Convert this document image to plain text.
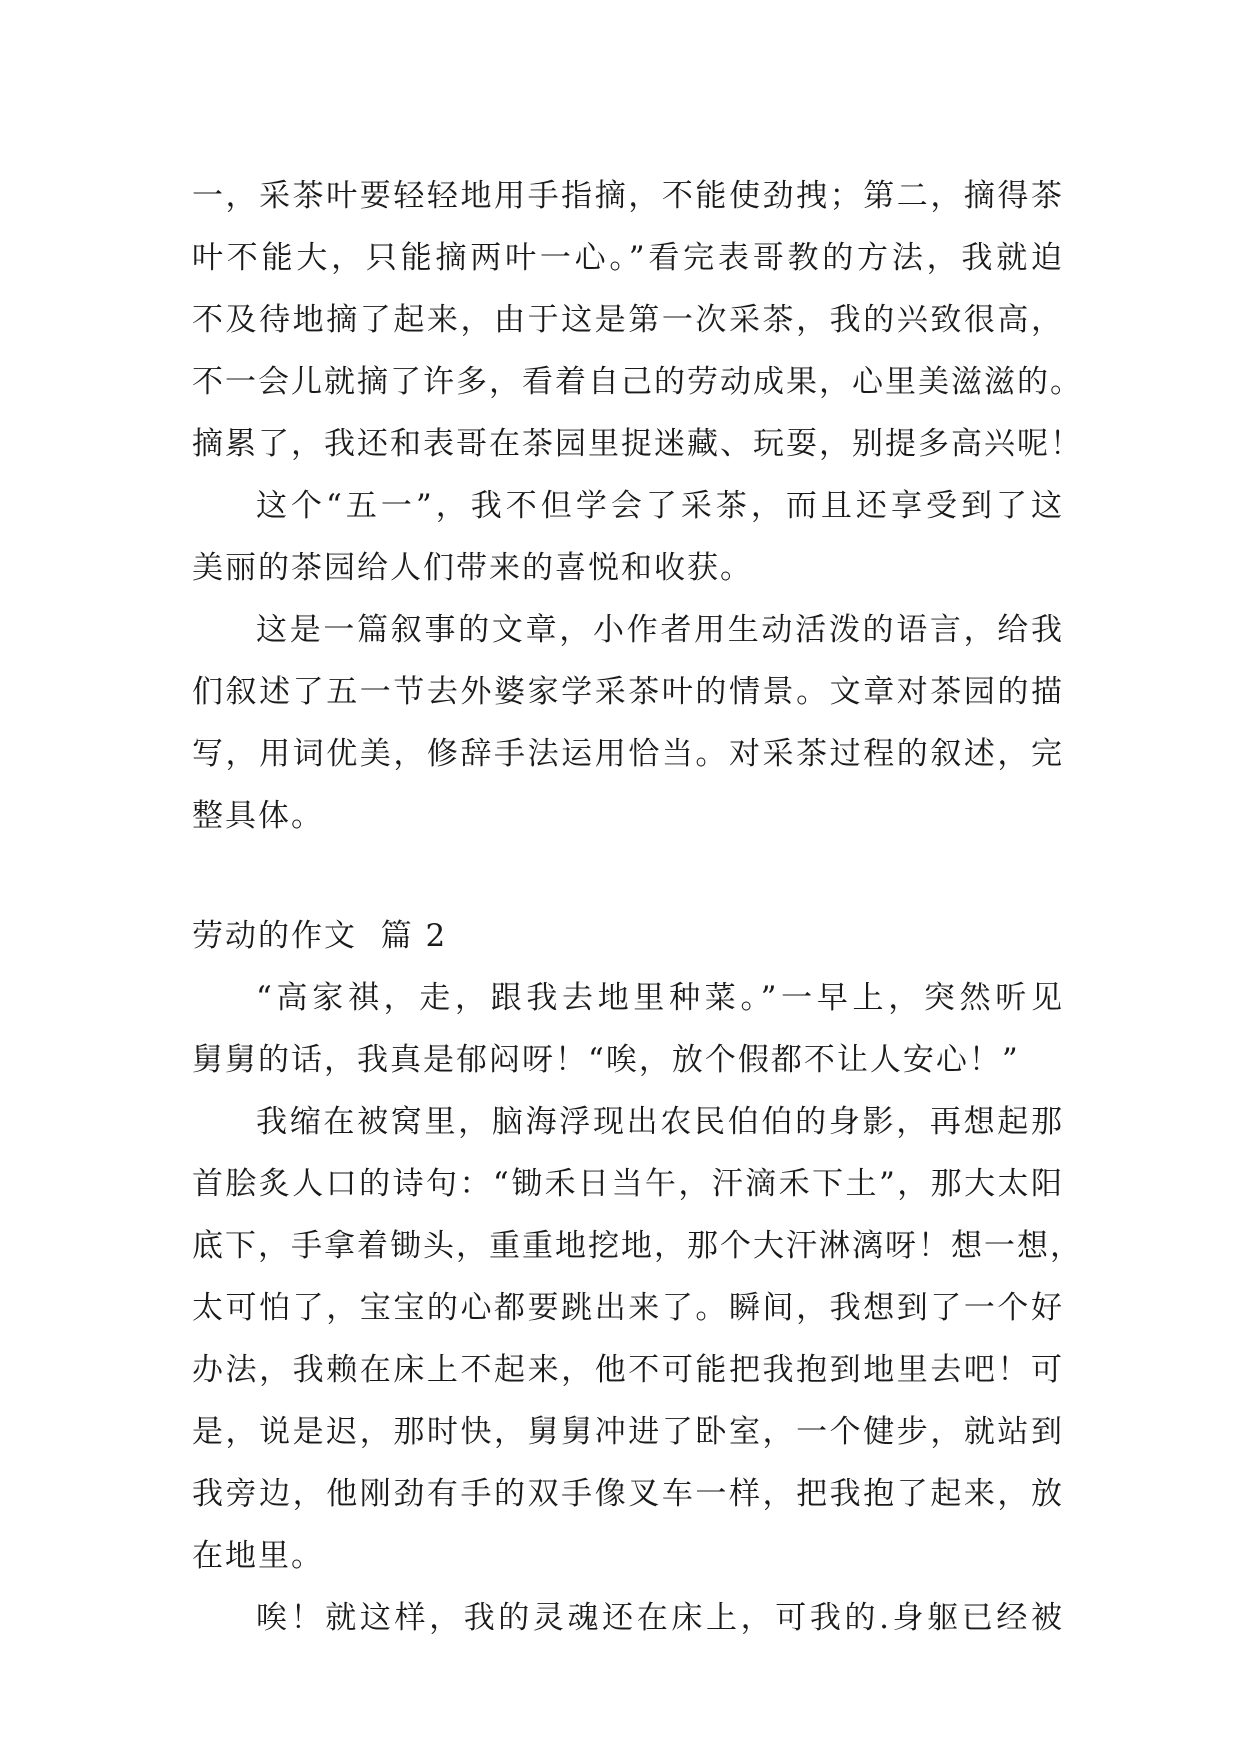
一，采茶叶要轻轻地用手指摘，不能使劲拽；第二，摘得茶
叶不能大，只能摘两叶一心。”看完表哥教的方法，我就迫
不及待地摘了起来，由于这是第一次采茶，我的兴致很高，
不一会儿就摘了许多，看着自己的劳动成果，心里美滋滋的。
摘累了，我还和表哥在茶园里捉迷藏、玩耍，别提多高兴呢！
这个“五一”，我不但学会了采茶，而且还享受到了这
美丽的茶园给人们带来的喜悦和收获。
这是一篇叙事的文章，小作者用生动活泼的语言，给我
们叙述了五一节去外婆家学采茶叶的情景。文章对茶园的描
写，用词优美，修辞手法运用恰当。对采茶过程的叙述，完
整具体。
劳动的作文  篇 2
“高家祺，走，跟我去地里种菜。”一早上，突然听见
舅舅的话，我真是郁闷呀！“唉，放个假都不让人安心！”
我缩在被窝里，脑海浮现出农民伯伯的身影，再想起那
首脍炙人口的诗句：“锄禾日当午，汗滴禾下土”，那大太阳
底下，手拿着锄头，重重地挖地，那个大汗淋漓呀！想一想，
太可怕了，宝宝的心都要跳出来了。瞬间，我想到了一个好
办法，我赖在床上不起来，他不可能把我抱到地里去吧！可
是，说是迟，那时快，舅舅冲进了卧室，一个健步，就站到
我旁边，他刚劲有手的双手像叉车一样，把我抱了起来，放
在地里。
唉！就这样，我的灵魂还在床上，可我的.身躯已经被
